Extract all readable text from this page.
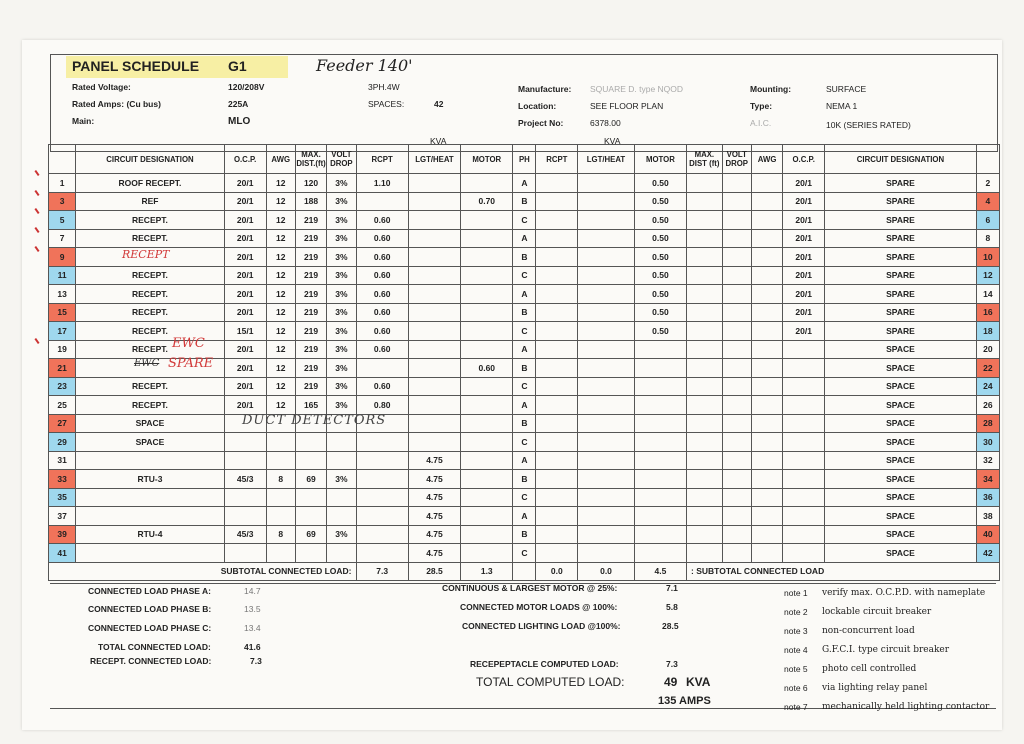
PANEL SCHEDULE G1	Feeder 140'
Rated Voltage:	120/208V	3PH.4W
Rated Amps: (Cu bus)	225A	SPACES:	42
Main:	MLO
Manufacture: SQUARE D. type NQOD
Location:	SEE FLOOR PLAN
Project No:	6378.00
Mounting:	SURFACE
Type:	NEMA 1
A.I.C.	10K (SERIES RATED)
KVA	KVA
	CIRCUIT DESIGNATION	O.C.P.	AWG	MAX. DIST.(ft)	VOLT DROP	RCPT	LGT/HEAT	MOTOR	PH	RCPT	LGT/HEAT	MOTOR	MAX. DIST (ft)	VOLT DROP	AWG	O.C.P.	CIRCUIT DESIGNATION	
1	ROOF RECEPT.	20/1	12	120	3%	1.10			A			0.50				20/1	SPARE	2
3	REF	20/1	12	188	3%			0.70	B			0.50				20/1	SPARE	4
5	RECEPT.	20/1	12	219	3%	0.60			C			0.50				20/1	SPARE	6
7	RECEPT.	20/1	12	219	3%	0.60			A			0.50				20/1	SPARE	8
9		20/1	12	219	3%	0.60			B			0.50				20/1	SPARE	10
11	RECEPT.	20/1	12	219	3%	0.60			C			0.50				20/1	SPARE	12
13	RECEPT.	20/1	12	219	3%	0.60			A			0.50				20/1	SPARE	14
15	RECEPT.	20/1	12	219	3%	0.60			B			0.50				20/1	SPARE	16
17	RECEPT.	15/1	12	219	3%	0.60			C			0.50				20/1	SPARE	18
19	RECEPT.	20/1	12	219	3%	0.60			A								SPACE	20
21		20/1	12	219	3%			0.60	B								SPACE	22
23	RECEPT.	20/1	12	219	3%	0.60			C								SPACE	24
25	RECEPT.	20/1	12	165	3%	0.80			A								SPACE	26
27	SPACE								B								SPACE	28
29	SPACE								C								SPACE	30
31							4.75		A								SPACE	32
33	RTU-3	45/3	8	69	3%		4.75		B								SPACE	34
35							4.75		C								SPACE	36
37							4.75		A								SPACE	38
39	RTU-4	45/3	8	69	3%		4.75		B								SPACE	40
41							4.75		C								SPACE	42
SUBTOTAL CONNECTED LOAD:						7.3	28.5	1.3		0.0	0.0	4.5	: SUBTOTAL CONNECTED LOAD					
RECEPT
EWC
EWC SPARE
DUCT DETECTORS
CONNECTED LOAD PHASE A:	14.7
CONNECTED LOAD PHASE B:	13.5
CONNECTED LOAD PHASE C:	13.4
TOTAL CONNECTED LOAD:	41.6
RECEPT. CONNECTED LOAD:	7.3
CONTINUOUS & LARGEST MOTOR @ 25%:	7.1
CONNECTED MOTOR LOADS @ 100%:	5.8
CONNECTED LIGHTING LOAD @100%:	28.5
RECEPEPTACLE COMPUTED LOAD:	7.3
TOTAL COMPUTED LOAD:	49 KVA
135 AMPS
note 1	verify max. O.C.P.D. with nameplate
note 2	lockable circuit breaker
note 3	non-concurrent load
note 4	G.F.C.I. type circuit breaker
note 5	photo cell controlled
note 6	via lighting relay panel
note 7	mechanically held lighting contactor
